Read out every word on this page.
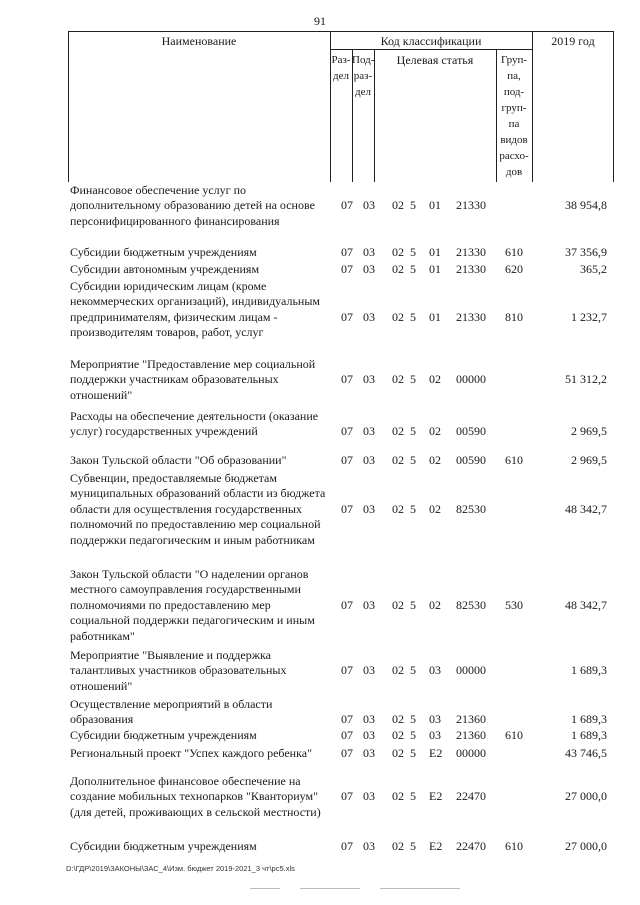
91
Наименование	Код классификации	2019 год
Раз-
дел
Под-
раз-
дел
Целевая статья	Груп-
па,
под-
груп-
па
видов
расхо-
дов
Финансовое обеспечение услуг по
дополнительному образованию детей на основе
персонифицированного финансирования
07 03 02 5 01 21330	38 954,8
Субсидии бюджетным учреждениям	07 03 02 5 01 21330 610	37 356,9
Субсидии автономным учреждениям	07 03 02 5 01 21330 620	365,2
Субсидии юридическим лицам (кроме
некоммерческих организаций), индивидуальным
предпринимателям, физическим лицам -
производителям товаров, работ, услуг
07 03 02 5 01 21330 810	1 232,7
Мероприятие "Предоставление мер социальной
поддержки участникам образовательных
отношений"
07 03 02 5 02 00000	51 312,2
Расходы на обеспечение деятельности (оказание
услуг) государственных учреждений	07 03 02 5 02 00590	2 969,5
Закон Тульской области "Об образовании"	07 03 02 5 02 00590 610	2 969,5
Субвенции, предоставляемые бюджетам
муниципальных образований области из бюджета
области для осуществления государственных
полномочий по предоставлению мер социальной
поддержки педагогическим и иным работникам
07 03 02 5 02 82530	48 342,7
Закон Тульской области "О наделении органов
местного самоуправления государственными
полномочиями по предоставлению мер
социальной поддержки педагогическим и иным
работникам"
07 03 02 5 02 82530 530	48 342,7
Мероприятие "Выявление и поддержка
талантливых участников образовательных
отношений"
07 03 02 5 03 00000	1 689,3
Осуществление мероприятий в области
образования	07 03 02 5 03 21360	1 689,3
Субсидии бюджетным учреждениям	07 03 02 5 03 21360 610	1 689,3
Региональный проект "Успех каждого ребенка"	07 03 02 5 E2 00000	43 746,5
Дополнительное финансовое обеспечение на
создание мобильных технопарков "Кванториум"
(для детей, проживающих в сельской местности)
07 03 02 5 E2 22470	27 000,0
Субсидии бюджетным учреждениям	07 03 02 5 E2 22470 610	27 000,0
D:\ГДР\2019\ЗАКОНЫ\ЗАС_4\Изм. бюджет 2019-2021_3 чт\рс5.xls
